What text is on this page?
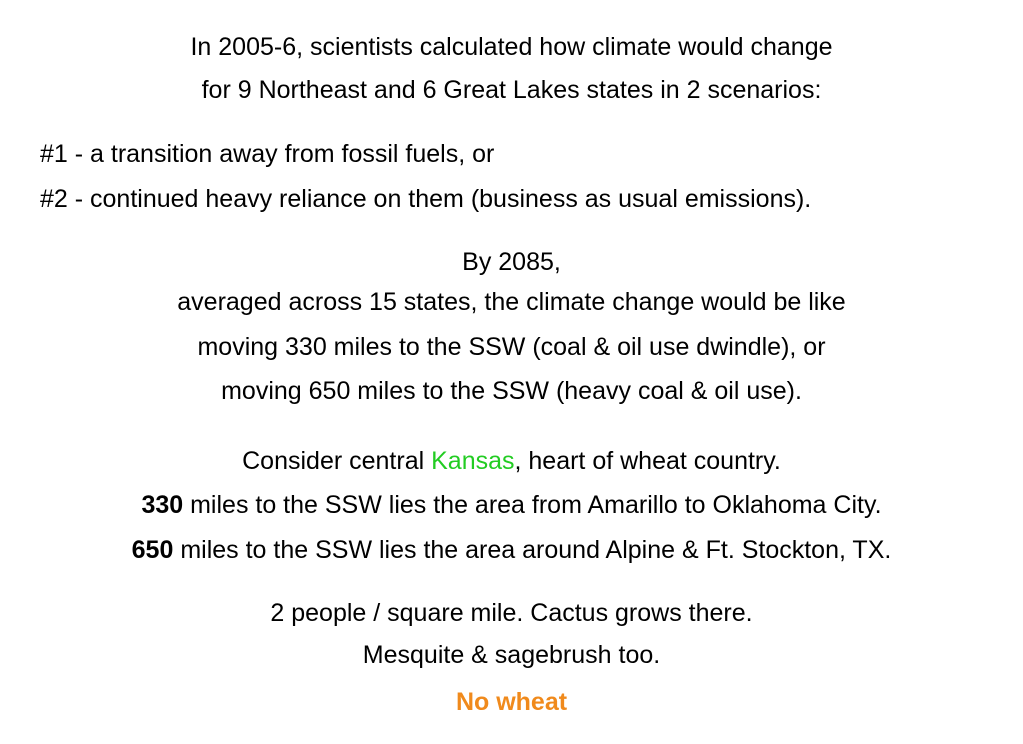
In 2005-6, scientists calculated how climate would change
for 9 Northeast and 6 Great Lakes states in 2 scenarios:
#1 - a transition away from fossil fuels, or
#2 - continued heavy reliance on them (business as usual emissions).
By 2085,
averaged across 15 states, the climate change would be like
moving 330 miles to the SSW (coal & oil use dwindle), or
moving 650 miles to the SSW (heavy coal & oil use).
Consider central Kansas, heart of wheat country.
330 miles to the SSW lies the area from Amarillo to Oklahoma City.
650 miles to the SSW lies the area around Alpine & Ft. Stockton, TX.
2 people / square mile. Cactus grows there.
Mesquite & sagebrush too.
No wheat
